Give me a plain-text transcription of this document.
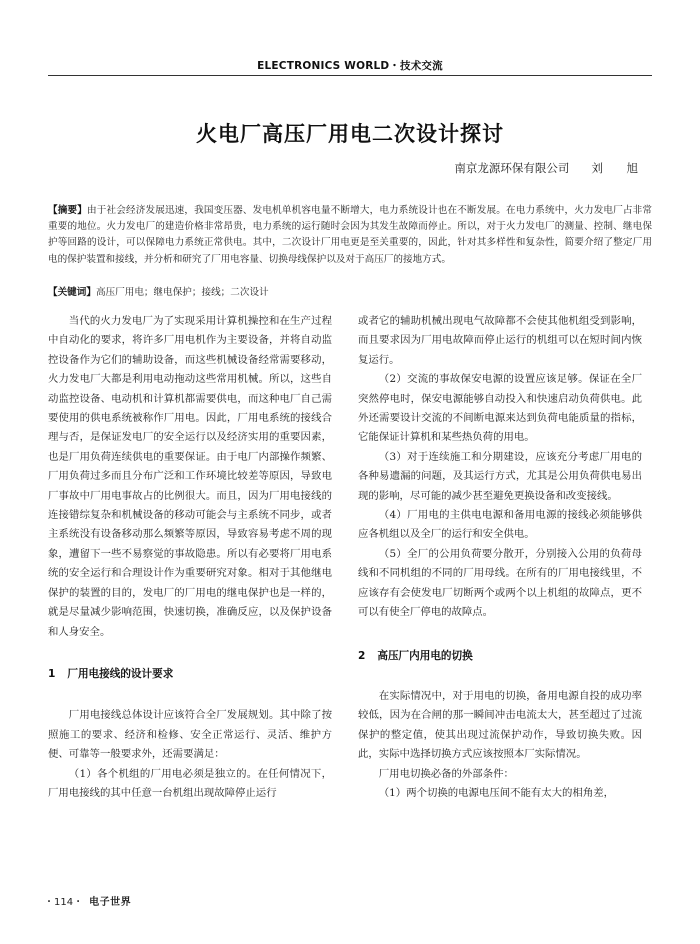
ELECTRONICS WORLD・技术交流
火电厂高压厂用电二次设计探讨
南京龙源环保有限公司 刘 旭
【摘要】由于社会经济发展迅速，我国变压器、发电机单机容电量不断增大，电力系统设计也在不断发展。在电力系统中，火力发电厂占非常重要的地位。火力发电厂的建造价格非常昂贵，电力系统的运行随时会因为其发生故障而停止。所以，对于火力发电厂的测量、控制、继电保护等回路的设计，可以保障电力系统正常供电。其中，二次设计厂用电更是至关重要的，因此，针对其多样性和复杂性，简要介绍了整定厂用电的保护装置和接线，并分析和研究了厂用电容量、切换母线保护以及对于高压厂的接地方式。
【关键词】高压厂用电；继电保护；接线；二次设计

当代的火力发电厂为了实现采用计算机操控和在生产过程中自动化的要求，将许多厂用电机作为主要设备，并将自动监控设备作为它们的辅助设备，而这些机械设备经常需要移动，火力发电厂大都是利用电动拖动这些常用机械。所以，这些自动监控设备、电动机和计算机都需要供电，而这种电厂自己需要使用的供电系统被称作厂用电。因此，厂用电系统的接线合理与否，是保证发电厂的安全运行以及经济实用的重要因素，也是厂用负荷连续供电的重要保证。由于电厂内部操作频繁、厂用负荷过多而且分布广泛和工作环境比较差等原因，导致电厂事故中厂用电事故占的比例很大。而且，因为厂用电接线的连接错综复杂和机械设备的移动可能会与主系统不同步，或者主系统没有设备移动那么频繁等原因，导致容易考虑不周的现象，遭留下一些不易察觉的事故隐患。所以有必要将厂用电系统的安全运行和合理设计作为重要研究对象。相对于其他继电保护的装置的目的，发电厂的厂用电的继电保护也是一样的，就是尽量减少影响范围，快速切换，准确反应，以及保护设备和人身安全。

1 厂用电接线的设计要求

厂用电接线总体设计应该符合全厂发展规划。其中除了按照施工的要求、经济和检修、安全正常运行、灵活、维护方便、可靠等一般要求外，还需要满足：

（1）各个机组的厂用电必须是独立的。在任何情况下，厂用电接线的其中任意一台机组出现故障停止运行

或者它的辅助机械出现电气故障都不会使其他机组受到影响，而且要求因为厂用电故障而停止运行的机组可以在短时间内恢复运行。

（2）交流的事故保安电源的设置应该足够。保证在全厂突然停电时，保安电源能够自动投入和快速启动负荷供电。此外还需要设计交流的不间断电源来达到负荷电能质量的指标，它能保证计算机和某些热负荷的用电。

（3）对于连续施工和分期建设，应该充分考虑厂用电的各种易遗漏的问题，及其运行方式，尤其是公用负荷供电易出现的影响，尽可能的减少甚至避免更换设备和改变接线。

（4）厂用电的主供电电源和备用电源的接线必须能够供应各机组以及全厂的运行和安全供电。

（5）全厂的公用负荷要分散开，分别接入公用的负荷母线和不同机组的不同的厂用母线。在所有的厂用电接线里，不应该存有会使发电厂切断两个或两个以上机组的故障点，更不可以有使全厂停电的故障点。

2 高压厂内用电的切换

在实际情况中，对于用电的切换，备用电源自投的成功率较低，因为在合闸的那一瞬间冲击电流太大，甚至超过了过流保护的整定值，使其出现过流保护动作，导致切换失败。因此，实际中选择切换方式应该按照本厂实际情况。

厂用电切换必备的外部条件：

（1）两个切换的电源电压间不能有太大的相角差，

・114・ 电子世界
